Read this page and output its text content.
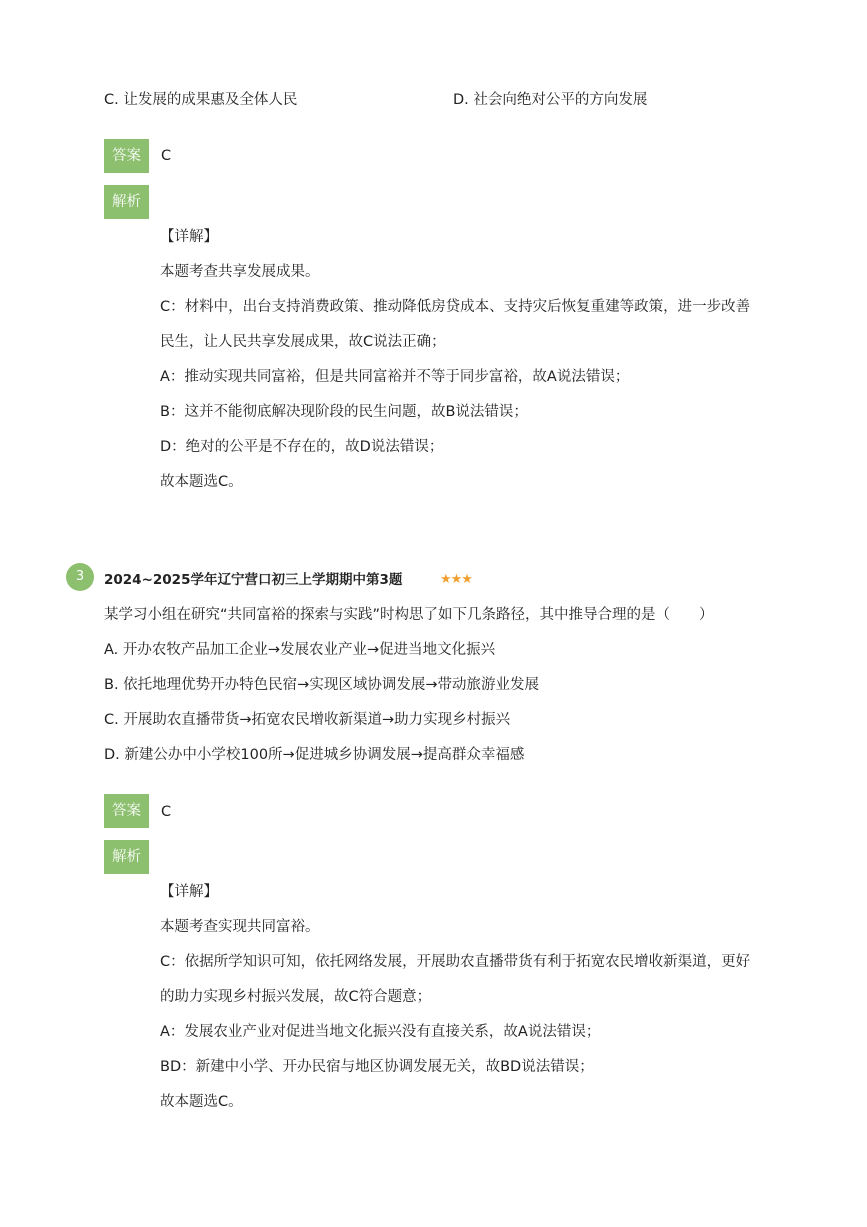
C. 让发展的成果惠及全体人民	D. 社会向绝对公平的方向发展
答案	C
解析

【详解】

本题考查共享发展成果。

C：材料中，出台支持消费政策、推动降低房贷成本、支持灾后恢复重建等政策，进一步改善

民生，让人民共享发展成果，故C说法正确；

A：推动实现共同富裕，但是共同富裕并不等于同步富裕，故A说法错误；

B：这并不能彻底解决现阶段的民生问题，故B说法错误；

D：绝对的公平是不存在的，故D说法错误；

故本题选C。

3	2024~2025学年辽宁营口初三上学期期中第3题	★★★
某学习小组在研究“共同富裕的探索与实践”时构思了如下几条路径，其中推导合理的是（　　）
A. 开办农牧产品加工企业→发展农业产业→促进当地文化振兴
B. 依托地理优势开办特色民宿→实现区域协调发展→带动旅游业发展
C. 开展助农直播带货→拓宽农民增收新渠道→助力实现乡村振兴
D. 新建公办中小学校100所→促进城乡协调发展→提高群众幸福感
答案	C
解析

【详解】

本题考查实现共同富裕。

C：依据所学知识可知，依托网络发展，开展助农直播带货有利于拓宽农民增收新渠道，更好

的助力实现乡村振兴发展，故C符合题意；

A：发展农业产业对促进当地文化振兴没有直接关系，故A说法错误；

BD：新建中小学、开办民宿与地区协调发展无关，故BD说法错误；

故本题选C。
